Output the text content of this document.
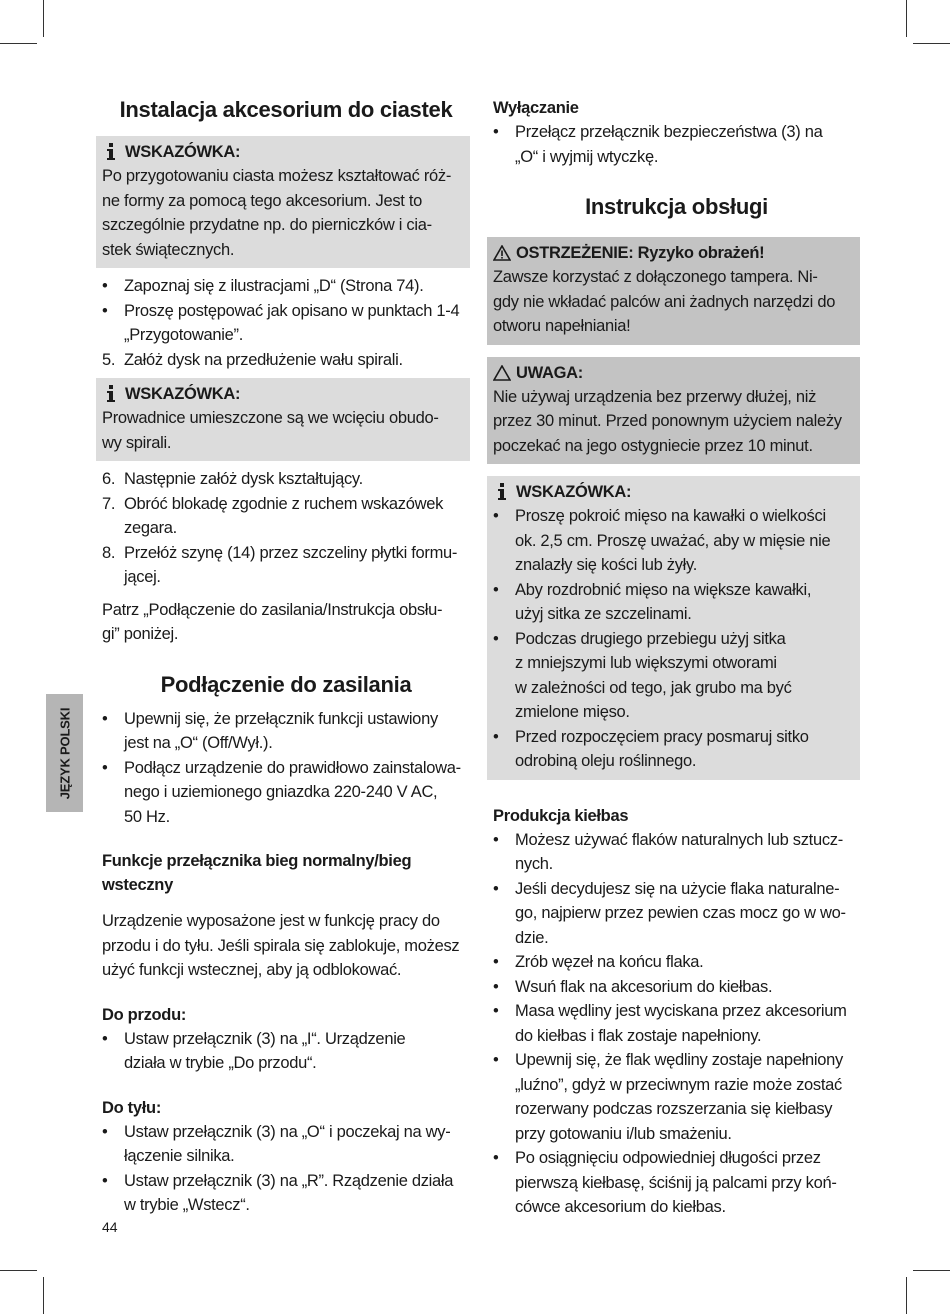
JĘZYK POLSKI
Instalacja akcesorium do ciastek
WSKAZÓWKA:
Po przygotowaniu ciasta możesz kształtować róż-
ne formy za pomocą tego akcesorium. Jest to
szczególnie przydatne np. do pierniczków i cia-
stek świątecznych.
•	Zapoznaj się z ilustracjami „D“ (Strona 74).
•	Proszę postępować jak opisano w punktach 1-4
„Przygotowanie”.
5. Załóż dysk na przedłużenie wału spirali.
WSKAZÓWKA:
Prowadnice umieszczone są we wcięciu obudo-
wy spirali.
6. Następnie załóż dysk kształtujący.
7. Obróć blokadę zgodnie z ruchem wskazówek
zegara.
8. Przełóż szynę (14) przez szczeliny płytki formu-
jącej.
Patrz „Podłączenie do zasilania/Instrukcja obsłu-
gi” poniżej.
Podłączenie do zasilania
•	Upewnij się, że przełącznik funkcji ustawiony
jest na „O“ (Off/Wył.).
•	Podłącz urządzenie do prawidłowo zainstalowa-
nego i uziemionego gniazdka 220-240 V AC,
50 Hz.
Funkcje przełącznika bieg normalny/bieg
wsteczny
Urządzenie wyposażone jest w funkcję pracy do
przodu i do tyłu. Jeśli spirala się zablokuje, możesz
użyć funkcji wstecznej, aby ją odblokować.
Do przodu:
•	Ustaw przełącznik (3) na „I“. Urządzenie
działa w trybie „Do przodu“.
Do tyłu:
•	Ustaw przełącznik (3) na „O“ i poczekaj na wy-
łączenie silnika.
•	Ustaw przełącznik (3) na „R”. Rządzenie działa
w trybie „Wstecz“.
Wyłączanie
•	Przełącz przełącznik bezpieczeństwa (3) na
„O“ i wyjmij wtyczkę.
Instrukcja obsługi
OSTRZEŻENIE: Ryzyko obrażeń!
Zawsze korzystać z dołączonego tampera. Ni-
gdy nie wkładać palców ani żadnych narzędzi do
otworu napełniania!
UWAGA:
Nie używaj urządzenia bez przerwy dłużej, niż
przez 30 minut. Przed ponownym użyciem należy
poczekać na jego ostygniecie przez 10 minut.
WSKAZÓWKA:
•	Proszę pokroić mięso na kawałki o wielkości
ok. 2,5 cm. Proszę uważać, aby w mięsie nie
znalazły się kości lub żyły.
•	Aby rozdrobnić mięso na większe kawałki,
użyj sitka ze szczelinami.
•	Podczas drugiego przebiegu użyj sitka
z mniejszymi lub większymi otworami
w zależności od tego, jak grubo ma być
zmielone mięso.
•	Przed rozpoczęciem pracy posmaruj sitko
odrobiną oleju roślinnego.
Produkcja kiełbas
•	Możesz używać flaków naturalnych lub sztucz-
nych.
•	Jeśli decydujesz się na użycie flaka naturalne-
go, najpierw przez pewien czas mocz go w wo-
dzie.
•	Zrób węzeł na końcu flaka.
•	Wsuń flak na akcesorium do kiełbas.
•	Masa wędliny jest wyciskana przez akcesorium
do kiełbas i flak zostaje napełniony.
•	Upewnij się, że flak wędliny zostaje napełniony
„luźno”, gdyż w przeciwnym razie może zostać
rozerwany podczas rozszerzania się kiełbasy
przy gotowaniu i/lub smażeniu.
•	Po osiągnięciu odpowiedniej długości przez
pierwszą kiełbasę, ściśnij ją palcami przy koń-
cówce akcesorium do kiełbas.
44
